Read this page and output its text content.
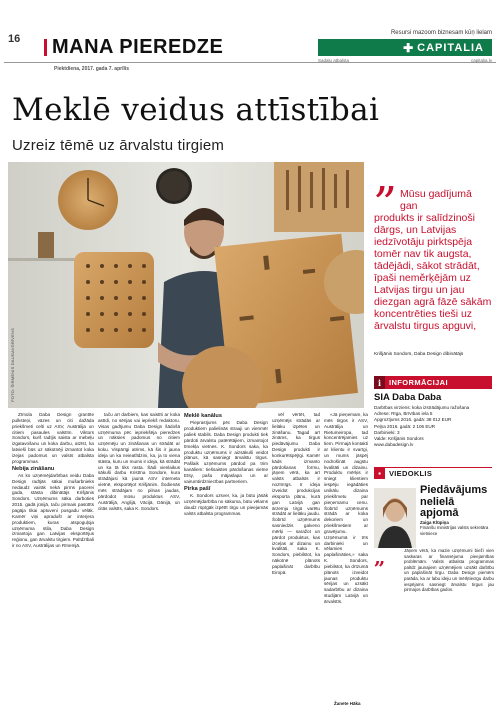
16 MANA PIEREDZE
Piektdiena, 2017. gada 7. aprīlis
Resursi mazoom biznesam kūņ lielam
✚ CAPITALIA
Sadaļu atbalsta	capitalia.lv
Meklē veidus attīstībai
Uzreiz tēmē uz ārvalstu tirgiem
FOTO: ŠIRMENIS DAUGAVGRĪVENS
„ Mūsu gadījumā gan
produkts ir salīdzinoši dārgs, un Latvijas iedzīvotāju pirktspēja tomēr nav tik augsta, tādējādi, sākot strādāt, īpaši neměrķējām uz Latvijas tirgu un jau diezgan agrā fāzē sākām koncentrēties tieši uz ārvalstu tirgus apguvi,
Krišjānis Sondors, Daba Design dibinātājs
i	INFORMĀCIJAI
SIA Daba Daba
Darbības virziens: koka izstrādājumu ražošana
Adrese: Rīga, Brīvības iela 5
Apgrozījums 2016. gadā: 38 012 EUR
Peļņa 2016. gadā: 2 106 EUR
Darbinieki: 3
Valde: Krišjānis Sondors
www.dabadesign.lv
▪	VIEDOKLIS
Piedāvājums nelielā apjomā
Zaiga Klūpiņa
Finanšu ministrijas valsts sekretāra vietniece
„	Jāņem vērā, ka mazie uzņēmumi bieži vien saskaras ar finansējuma pieejamības problēmām. Valsts atbalsta programmas palīdz jaunajiem uzņēmējiem uzsākt darbību un paplašināt tirgu. Daba Design piemērs parāda, ka ar labu ideju un mērķtiecīgu darbu iespējams sasniegt ārvalstu tirgus jau pirmajos darbības gados.

Zīmola Daba Design grantīte pulksteņi, vāzes un citi dažāda priekšmeti celti uz ASV, Austrālija un citiem pasaules valstīm. Viktors Sondors, kurš radījis saista ar mebeļu izgatavošanu un koka darbu, atzīst, ka latvieši būs uz sākotnēji izmantot koka izejas padomus un valsts atbalsta programmas.

Nebija zināšanu

As ko uzņēmējdarbības veidu Daba Design radījās sākai mušarbnieks nedaudz vairāk nekā pirms pacerei gada, stāsta dibinātājs Krišjānis Sondors. Uzņēmums sāka darboties 2015. gadā jūnijā, taču pirmais pasūtīts pagāja tikai aptuveni pusgadu vēlāk. Kamēr viņi apradušī ar interjera produktiem, kuras atspoguļoja uzņēmuma stila, Daba Design izmantoja gan Latvijas eksportējus reģionu, gan ārvalstu tirgiem. Palīdzībali ir no ASV, Austrālijas un Rīnemjā.

taču arī darbiem, kas saistīti ar koka astīdi, no sērijas vai iepriekš redaktoru. Visas gadījumu Daba Design šādošā uzņēmuma pēc iepriekšēja pieredzes un nāksies padomus no citiem uzņēmēju un zināšanas un strādāt ar koku. Vispārīgi atrims, kā šis ir jauna ideja un ka neieatlīdzini, ka, ja to viena stāsta, kuru un mums ir ideja, kā strādāt un ka tā tiks rasta. Šādi vienlaikus sākuši darbu Kristīna Sondore, kura strādājusi kā jaunā ASV interneta vietnē, eksportējot Krišjānim. Šodienās mēs strādājam no pilnas jaudas, pārdodot mūsu produktus ASV, Austrālijā, Anglijā, Vācijā, Dānijā, un citās valstīs, saka K. Sondors.

Meklē kanālus

Pieprasījums pēc Daba Design produktiem palielinās strauji un vienmēr paliek stabils. Daba Design produkti tiek pārdoti ārvalstu patērētājiem, izmantojot tīmekļa vietnes. K. Sondors saka, ka produktu uzņēmums ir aizsākuši veidot plānus, kā sasniegt ārvalstu tirgus. Pašlaik uzņēmums pārdod pa trim kanāliem: tiešsaistes pārdošanas vietne Etsy, pašu mājaslapa un ar vairumtirdzniecības partneriem.

Pirka pašī

K. Sondors uzsver, ka, ja būtu jāsāk uzņēmējdarbība no sākuma, būtu vēlams daudz rūpīgāk izpētīt tirgu un pieejamās valsts atbalsta programmas.

vēl vērtēt, tad uzņēmējs strādās ar lielāku izpētes un zināšanu. Tagad arī zināms, ka tirgus piedāvājumu Daba Design produkti ir konkurētspējīgi. Kamēr kāds izmanto pārdošanas formu, jāņem vērā, ka arī valsts atbalsts ir nozīmīgs. Ir ideja izveidot produkcijas eksporta plānu, kurā gan Latvijā gan ārzemju tirgū varētu strādāt ar lielāku jaudu. Šobrīd uzņēmums sasniedzis galveno mērķi — saražot un pārdot produktus, kas izceļas ar dizainu un kvalitāti, saka K. Sondors, piebilstot, ka nākotnē plānots paplašināt darbību Eiropā.

Žanete Hāka

«Jā pieņemam, ka mēs tirgos ir ASV, Austrālija un Rietumeiropa, tad koncentrējamies uz tiem. Pirmajā kontakti ar klientu ir svarīgi, un mums jāspēj nodrošināt augstu kvalitāti un dizainu. Produktu mērķis ir sniegt klientiem iespēju iegādāties unikālu dizaina priekšmetu par pieņemamu cenu. Šobrīd uzņēmums strādā ar koka dekoriem un priekšmetiem ar gravējumu. Uzņēmumā ir trīs darbinieki un vēlamies paplašināties,» saka K. Sondors, piebilstot, ka drīzumā plānots izveidot jaunas produktu sērijas un uzsākt sadarbību ar dizaina studijām Latvijā un ārvalstīs.
